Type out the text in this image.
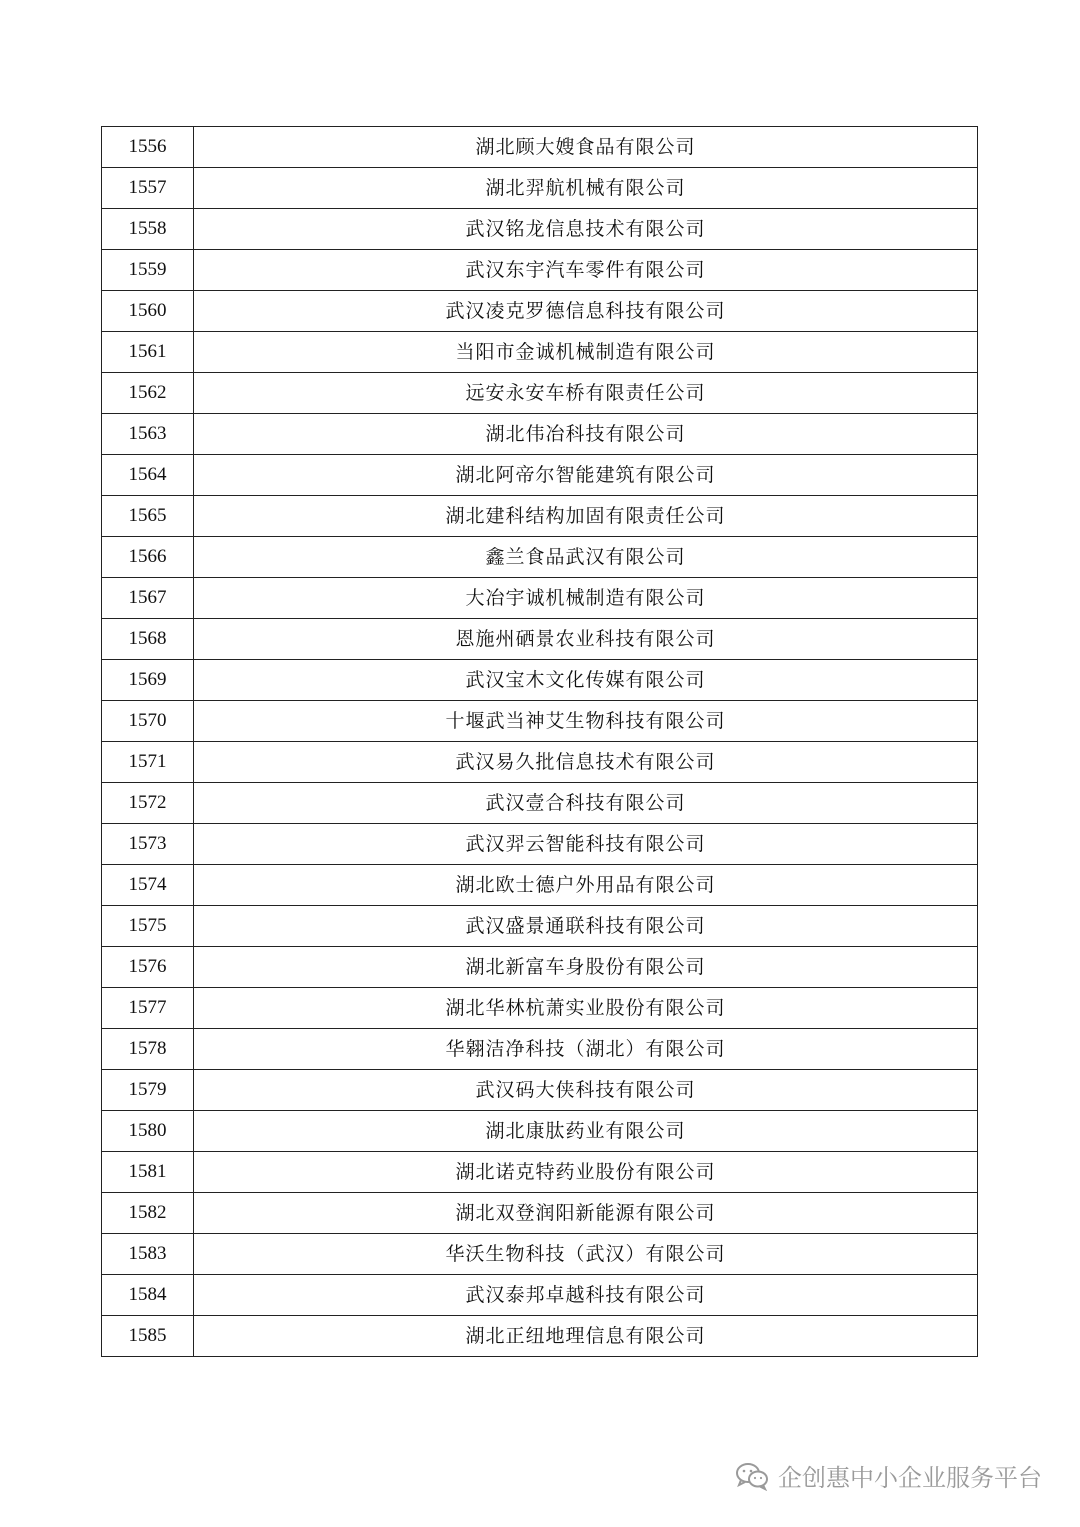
1556	湖北顾大嫂食品有限公司
1557	湖北羿航机械有限公司
1558	武汉铭龙信息技术有限公司
1559	武汉东宇汽车零件有限公司
1560	武汉凌克罗德信息科技有限公司
1561	当阳市金诚机械制造有限公司
1562	远安永安车桥有限责任公司
1563	湖北伟冶科技有限公司
1564	湖北阿帝尔智能建筑有限公司
1565	湖北建科结构加固有限责任公司
1566	鑫兰食品武汉有限公司
1567	大冶宇诚机械制造有限公司
1568	恩施州硒景农业科技有限公司
1569	武汉宝木文化传媒有限公司
1570	十堰武当神艾生物科技有限公司
1571	武汉易久批信息技术有限公司
1572	武汉壹合科技有限公司
1573	武汉羿云智能科技有限公司
1574	湖北欧士德户外用品有限公司
1575	武汉盛景通联科技有限公司
1576	湖北新富车身股份有限公司
1577	湖北华林杭萧实业股份有限公司
1578	华翱洁净科技（湖北）有限公司
1579	武汉码大侠科技有限公司
1580	湖北康肽药业有限公司
1581	湖北诺克特药业股份有限公司
1582	湖北双登润阳新能源有限公司
1583	华沃生物科技（武汉）有限公司
1584	武汉泰邦卓越科技有限公司
1585	湖北正纽地理信息有限公司
企创惠中小企业服务平台
